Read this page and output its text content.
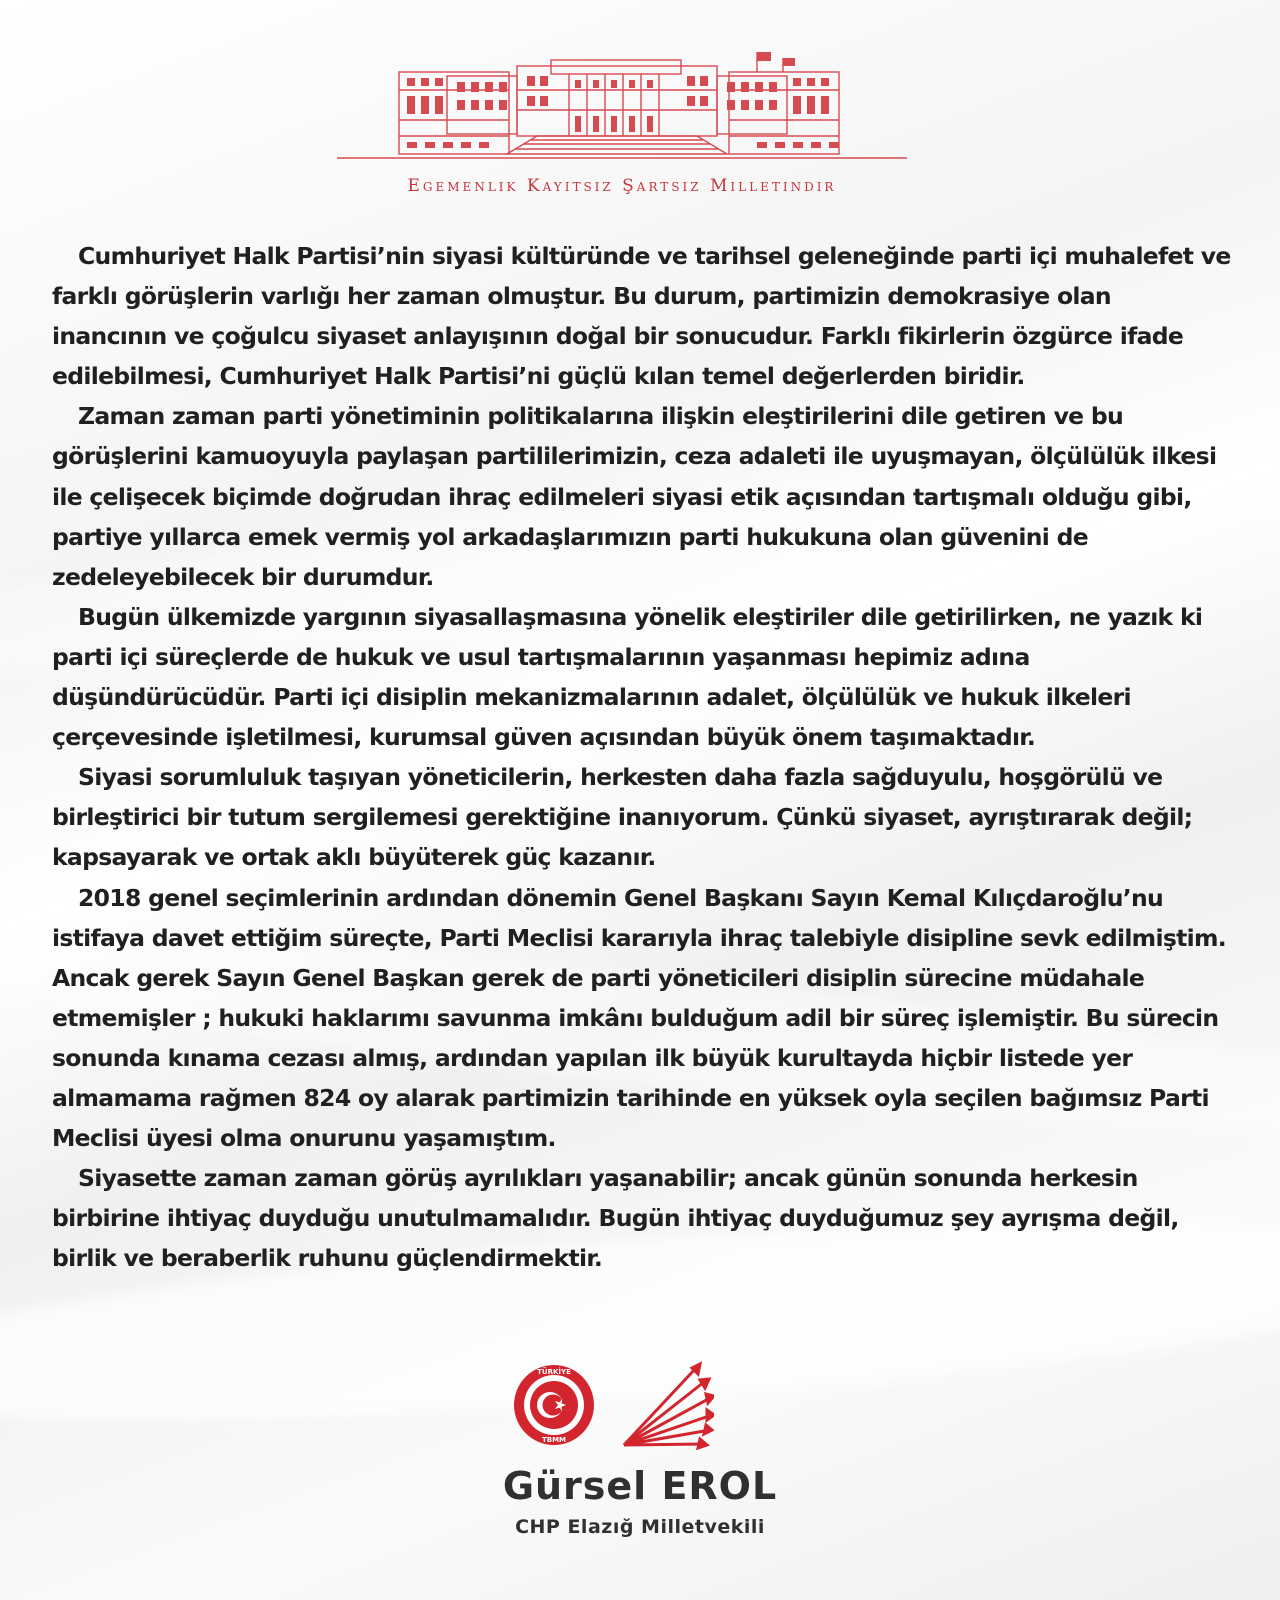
Egemenlik Kayıtsız Şartsız Milletindir

Cumhuriyet Halk Partisi’nin siyasi kültüründe ve tarihsel geleneğinde parti içi muhalefet ve farklı görüşlerin varlığı her zaman olmuştur. Bu durum, partimizin demokrasiye olan inancının ve çoğulcu siyaset anlayışının doğal bir sonucudur. Farklı fikirlerin özgürce ifade edilebilmesi, Cumhuriyet Halk Partisi’ni güçlü kılan temel değerlerden biridir.

Zaman zaman parti yönetiminin politikalarına ilişkin eleştirilerini dile getiren ve bu görüşlerini kamuoyuyla paylaşan partililerimizin, ceza adaleti ile uyuşmayan, ölçülülük ilkesi ile çelişecek biçimde doğrudan ihraç edilmeleri siyasi etik açısından tartışmalı olduğu gibi, partiye yıllarca emek vermiş yol arkadaşlarımızın parti hukukuna olan güvenini de zedeleyebilecek bir durumdur.

Bugün ülkemizde yargının siyasallaşmasına yönelik eleştiriler dile getirilirken, ne yazık ki parti içi süreçlerde de hukuk ve usul tartışmalarının yaşanması hepimiz adına düşündürücüdür. Parti içi disiplin mekanizmalarının adalet, ölçülülük ve hukuk ilkeleri çerçevesinde işletilmesi, kurumsal güven açısından büyük önem taşımaktadır.

Siyasi sorumluluk taşıyan yöneticilerin, herkesten daha fazla sağduyulu, hoşgörülü ve birleştirici bir tutum sergilemesi gerektiğine inanıyorum. Çünkü siyaset, ayrıştırarak değil; kapsayarak ve ortak aklı büyüterek güç kazanır.

2018 genel seçimlerinin ardından dönemin Genel Başkanı Sayın Kemal Kılıçdaroğlu’nu istifaya davet ettiğim süreçte, Parti Meclisi kararıyla ihraç talebiyle disipline sevk edilmiştim. Ancak gerek Sayın Genel Başkan gerek de parti yöneticileri disiplin sürecine müdahale etmemişler ; hukuki haklarımı savunma imkânı bulduğum adil bir süreç işlemiştir. Bu sürecin sonunda kınama cezası almış, ardından yapılan ilk büyük kurultayda hiçbir listede yer almamama rağmen 824 oy alarak partimizin tarihinde en yüksek oyla seçilen bağımsız Parti Meclisi üyesi olma onurunu yaşamıştım.

Siyasette zaman zaman görüş ayrılıkları yaşanabilir; ancak günün sonunda herkesin birbirine ihtiyaç duyduğu unutulmamalıdır. Bugün ihtiyaç duyduğumuz şey ayrışma değil, birlik ve beraberlik ruhunu güçlendirmektir.

TÜRKİYE
TBMM
Gürsel EROL
CHP Elazığ Milletvekili
